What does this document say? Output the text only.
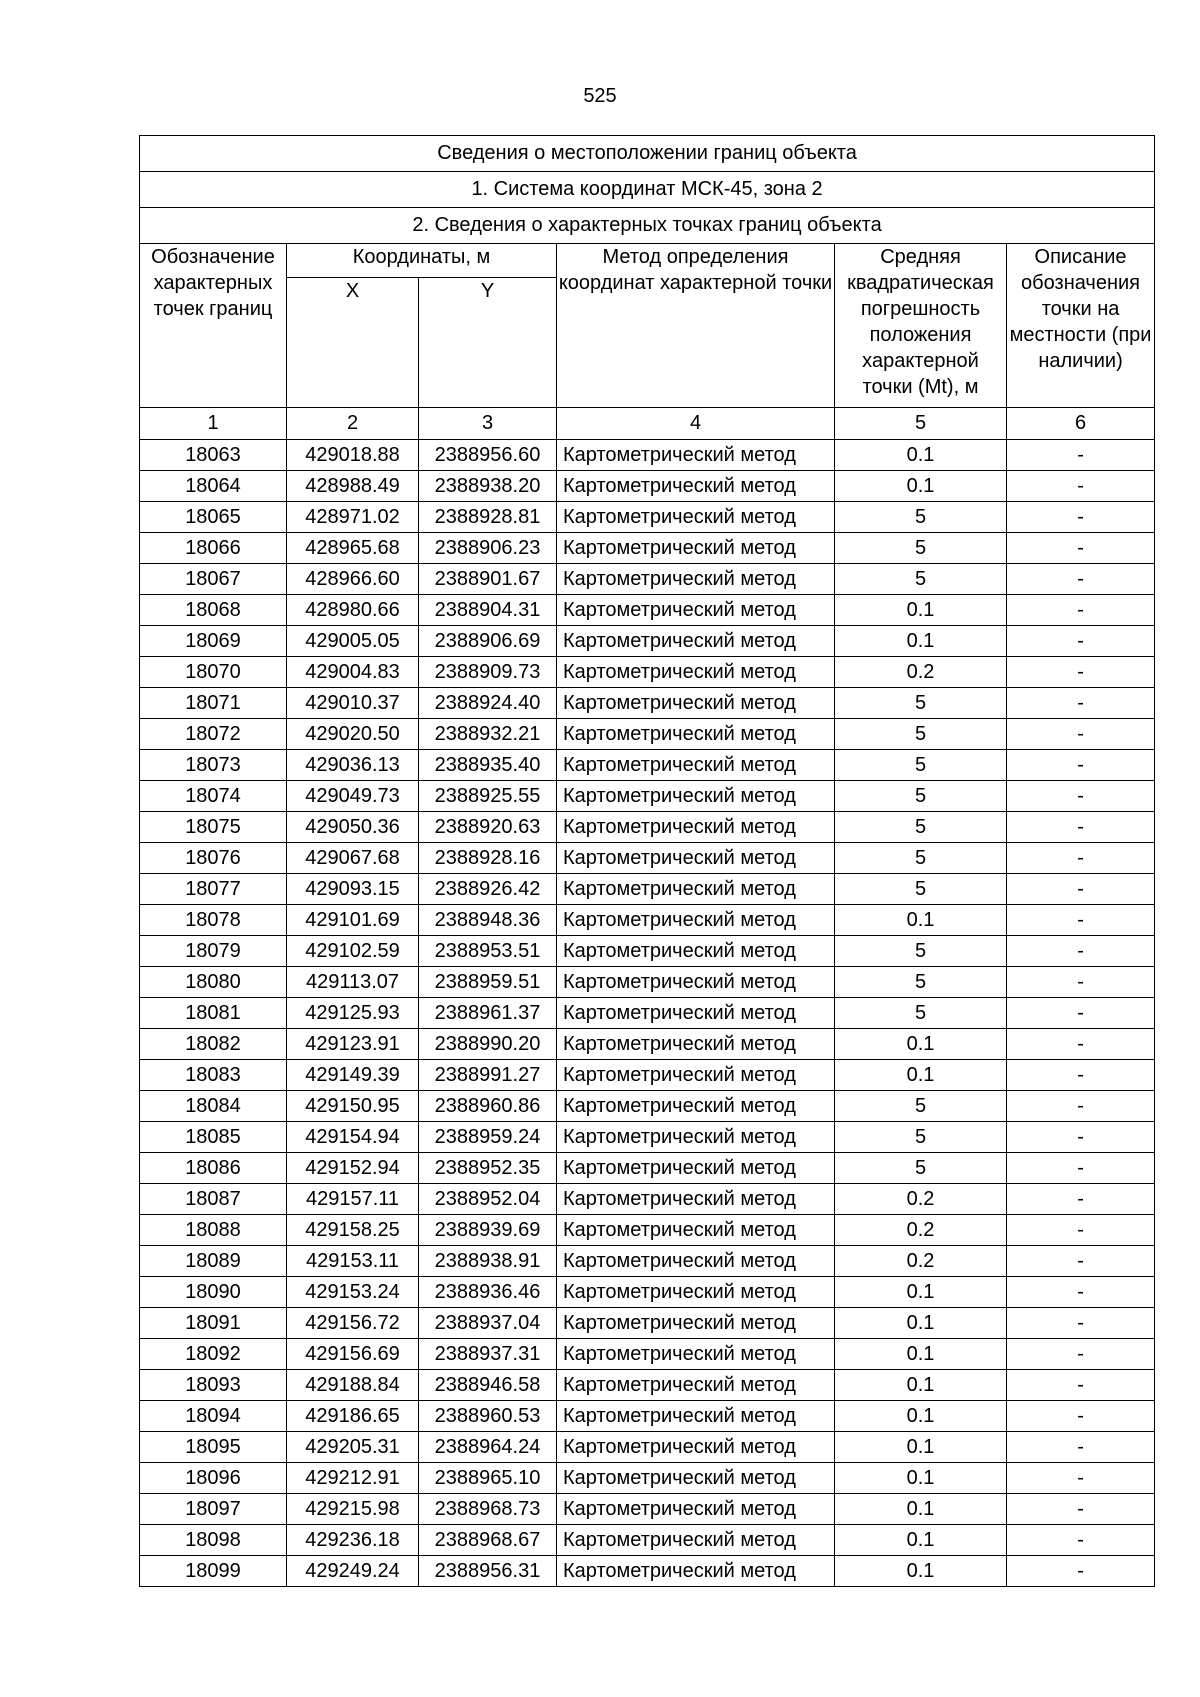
525
Сведения о местоположении границ объекта					
1. Система координат МСК-45, зона 2					
2. Сведения о характерных точках границ объекта					
Обозначение характерных точек границ	Координаты, м		Метод определения координат характерной точки	Средняя квадратическая погрешность положения характерной точки (Mt), м	Описание обозначения точки на местности (при наличии)
	X	Y			
1	2	3	4	5	6
18063	429018.88	2388956.60	Картометрический метод	0.1	-
18064	428988.49	2388938.20	Картометрический метод	0.1	-
18065	428971.02	2388928.81	Картометрический метод	5	-
18066	428965.68	2388906.23	Картометрический метод	5	-
18067	428966.60	2388901.67	Картометрический метод	5	-
18068	428980.66	2388904.31	Картометрический метод	0.1	-
18069	429005.05	2388906.69	Картометрический метод	0.1	-
18070	429004.83	2388909.73	Картометрический метод	0.2	-
18071	429010.37	2388924.40	Картометрический метод	5	-
18072	429020.50	2388932.21	Картометрический метод	5	-
18073	429036.13	2388935.40	Картометрический метод	5	-
18074	429049.73	2388925.55	Картометрический метод	5	-
18075	429050.36	2388920.63	Картометрический метод	5	-
18076	429067.68	2388928.16	Картометрический метод	5	-
18077	429093.15	2388926.42	Картометрический метод	5	-
18078	429101.69	2388948.36	Картометрический метод	0.1	-
18079	429102.59	2388953.51	Картометрический метод	5	-
18080	429113.07	2388959.51	Картометрический метод	5	-
18081	429125.93	2388961.37	Картометрический метод	5	-
18082	429123.91	2388990.20	Картометрический метод	0.1	-
18083	429149.39	2388991.27	Картометрический метод	0.1	-
18084	429150.95	2388960.86	Картометрический метод	5	-
18085	429154.94	2388959.24	Картометрический метод	5	-
18086	429152.94	2388952.35	Картометрический метод	5	-
18087	429157.11	2388952.04	Картометрический метод	0.2	-
18088	429158.25	2388939.69	Картометрический метод	0.2	-
18089	429153.11	2388938.91	Картометрический метод	0.2	-
18090	429153.24	2388936.46	Картометрический метод	0.1	-
18091	429156.72	2388937.04	Картометрический метод	0.1	-
18092	429156.69	2388937.31	Картометрический метод	0.1	-
18093	429188.84	2388946.58	Картометрический метод	0.1	-
18094	429186.65	2388960.53	Картометрический метод	0.1	-
18095	429205.31	2388964.24	Картометрический метод	0.1	-
18096	429212.91	2388965.10	Картометрический метод	0.1	-
18097	429215.98	2388968.73	Картометрический метод	0.1	-
18098	429236.18	2388968.67	Картометрический метод	0.1	-
18099	429249.24	2388956.31	Картометрический метод	0.1	-
